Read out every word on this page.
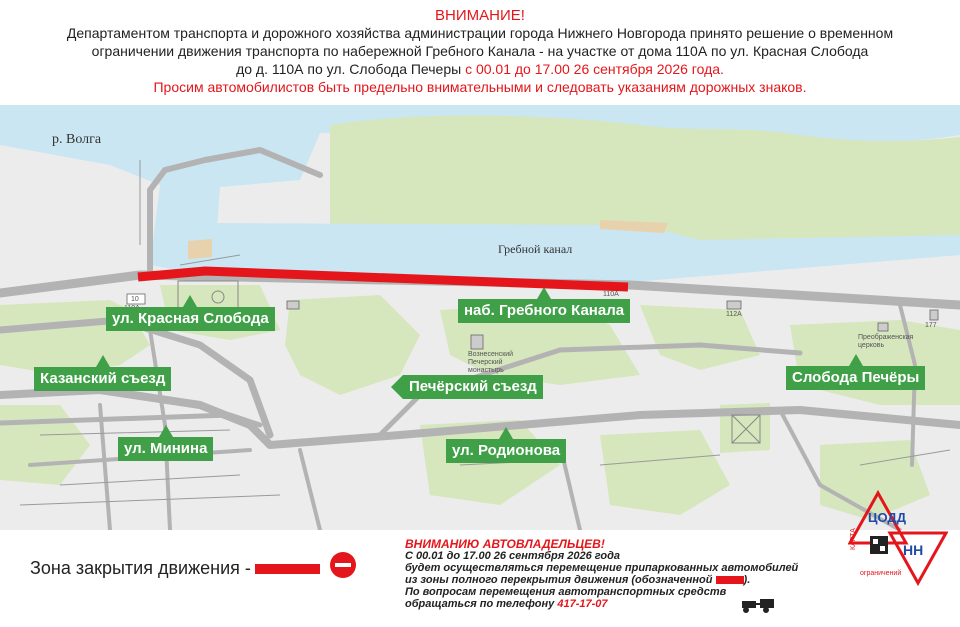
ВНИМАНИЕ!
Департаментом транспорта и дорожного хозяйства администрации города Нижнего Новгорода принято решение о временном
ограничении движения транспорта по набережной Гребного Канала - на участке от дома 110А по ул. Красная Слобода
до д. 110А по ул. Слобода Печеры с 00.01 до 17.00 26 сентября 2026 года.
Просим автомобилистов быть предельно внимательными и следовать указаниям дорожных знаков.
р. Волга
Гребной канал
10
110А
112А
177
Вознесенский Печерский монастырь
Преображенская церковь
ул. Красная Слобода	наб. Гребного Канала
Казанский съезд	Печёрский съезд
Слобода Печёры
ул. Минина	ул. Родионова
Зона закрытия движения -
ВНИМАНИЮ АВТОВЛАДЕЛЬЦЕВ!
С 00.01 до 17.00 26 сентября 2026 года
будет осуществляться перемещение припаркованных автомобилей
из зоны полного перекрытия движения (обозначенной	).
По вопросам перемещения автотранспортных средств
обращаться по телефону 417-17-07
ЦОДД
КАРТА	НН
ограничений
